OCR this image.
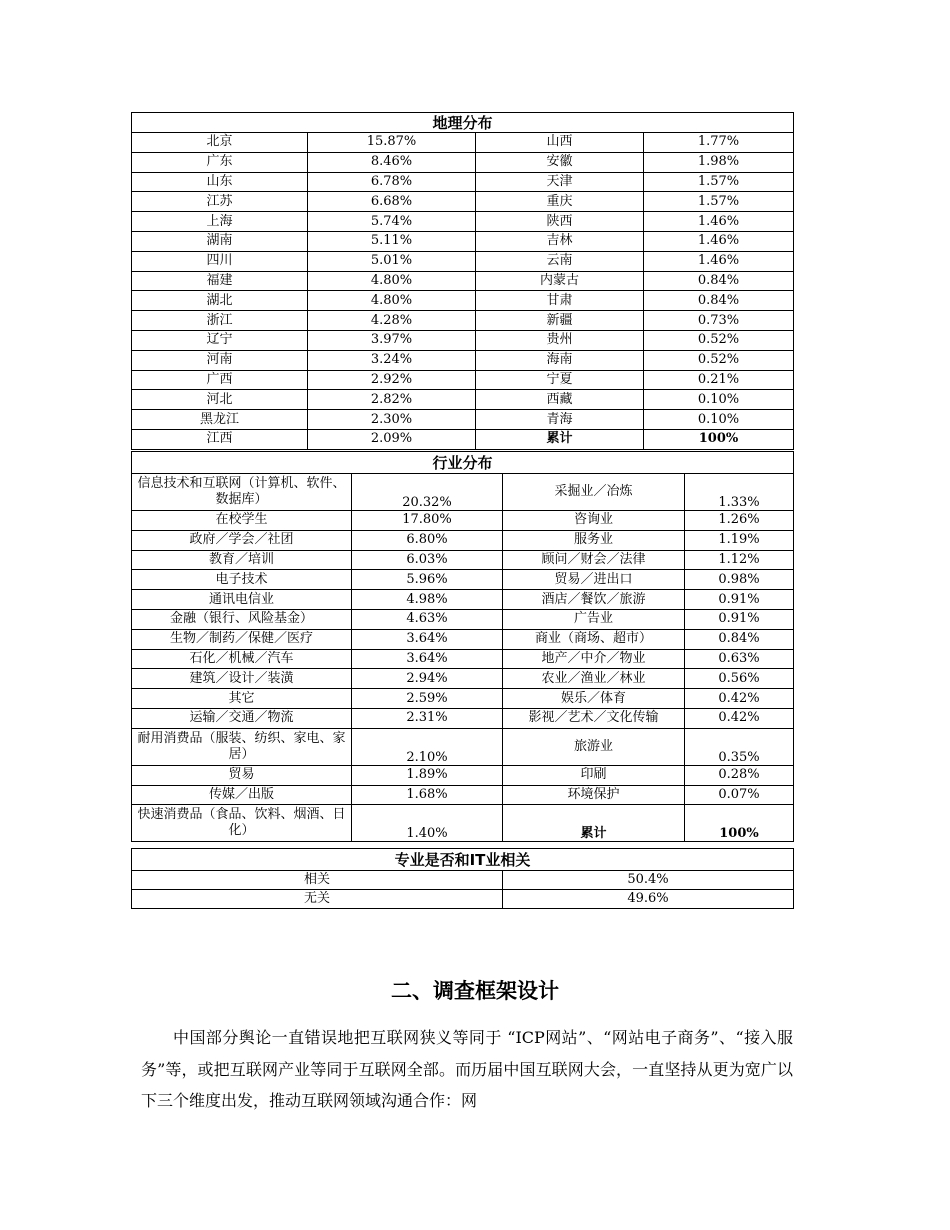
地理分布			
北京	15.87%	山西	1.77%
广东	8.46%	安徽	1.98%
山东	6.78%	天津	1.57%
江苏	6.68%	重庆	1.57%
上海	5.74%	陕西	1.46%
湖南	5.11%	吉林	1.46%
四川	5.01%	云南	1.46%
福建	4.80%	内蒙古	0.84%
湖北	4.80%	甘肃	0.84%
浙江	4.28%	新疆	0.73%
辽宁	3.97%	贵州	0.52%
河南	3.24%	海南	0.52%
广西	2.92%	宁夏	0.21%
河北	2.82%	西藏	0.10%
黑龙江	2.30%	青海	0.10%
江西	2.09%	累计	100%
行业分布			
信息技术和互联网（计算机、软件、数据库）	20.32%	采掘业／冶炼	1.33%
在校学生	17.80%	咨询业	1.26%
政府／学会／社团	6.80%	服务业	1.19%
教育／培训	6.03%	顾问／财会／法律	1.12%
电子技术	5.96%	贸易／进出口	0.98%
通讯电信业	4.98%	酒店／餐饮／旅游	0.91%
金融（银行、风险基金）	4.63%	广告业	0.91%
生物／制药／保健／医疗	3.64%	商业（商场、超市）	0.84%
石化／机械／汽车	3.64%	地产／中介／物业	0.63%
建筑／设计／装潢	2.94%	农业／渔业／林业	0.56%
其它	2.59%	娱乐／体育	0.42%
运输／交通／物流	2.31%	影视／艺术／文化传输	0.42%
耐用消费品（服装、纺织、家电、家居）	2.10%	旅游业	0.35%
贸易	1.89%	印刷	0.28%
传媒／出版	1.68%	环境保护	0.07%
快速消费品（食品、饮料、烟酒、日化）	1.40%	累计	100%
专业是否和IT业相关	
相关	50.4%
无关	49.6%
二、调查框架设计

中国部分舆论一直错误地把互联网狭义等同于 “ICP网站”、“网站电子商务”、“接入服务”等，或把互联网产业等同于互联网全部。而历届中国互联网大会，一直坚持从更为宽广以下三个维度出发，推动互联网领域沟通合作：网
